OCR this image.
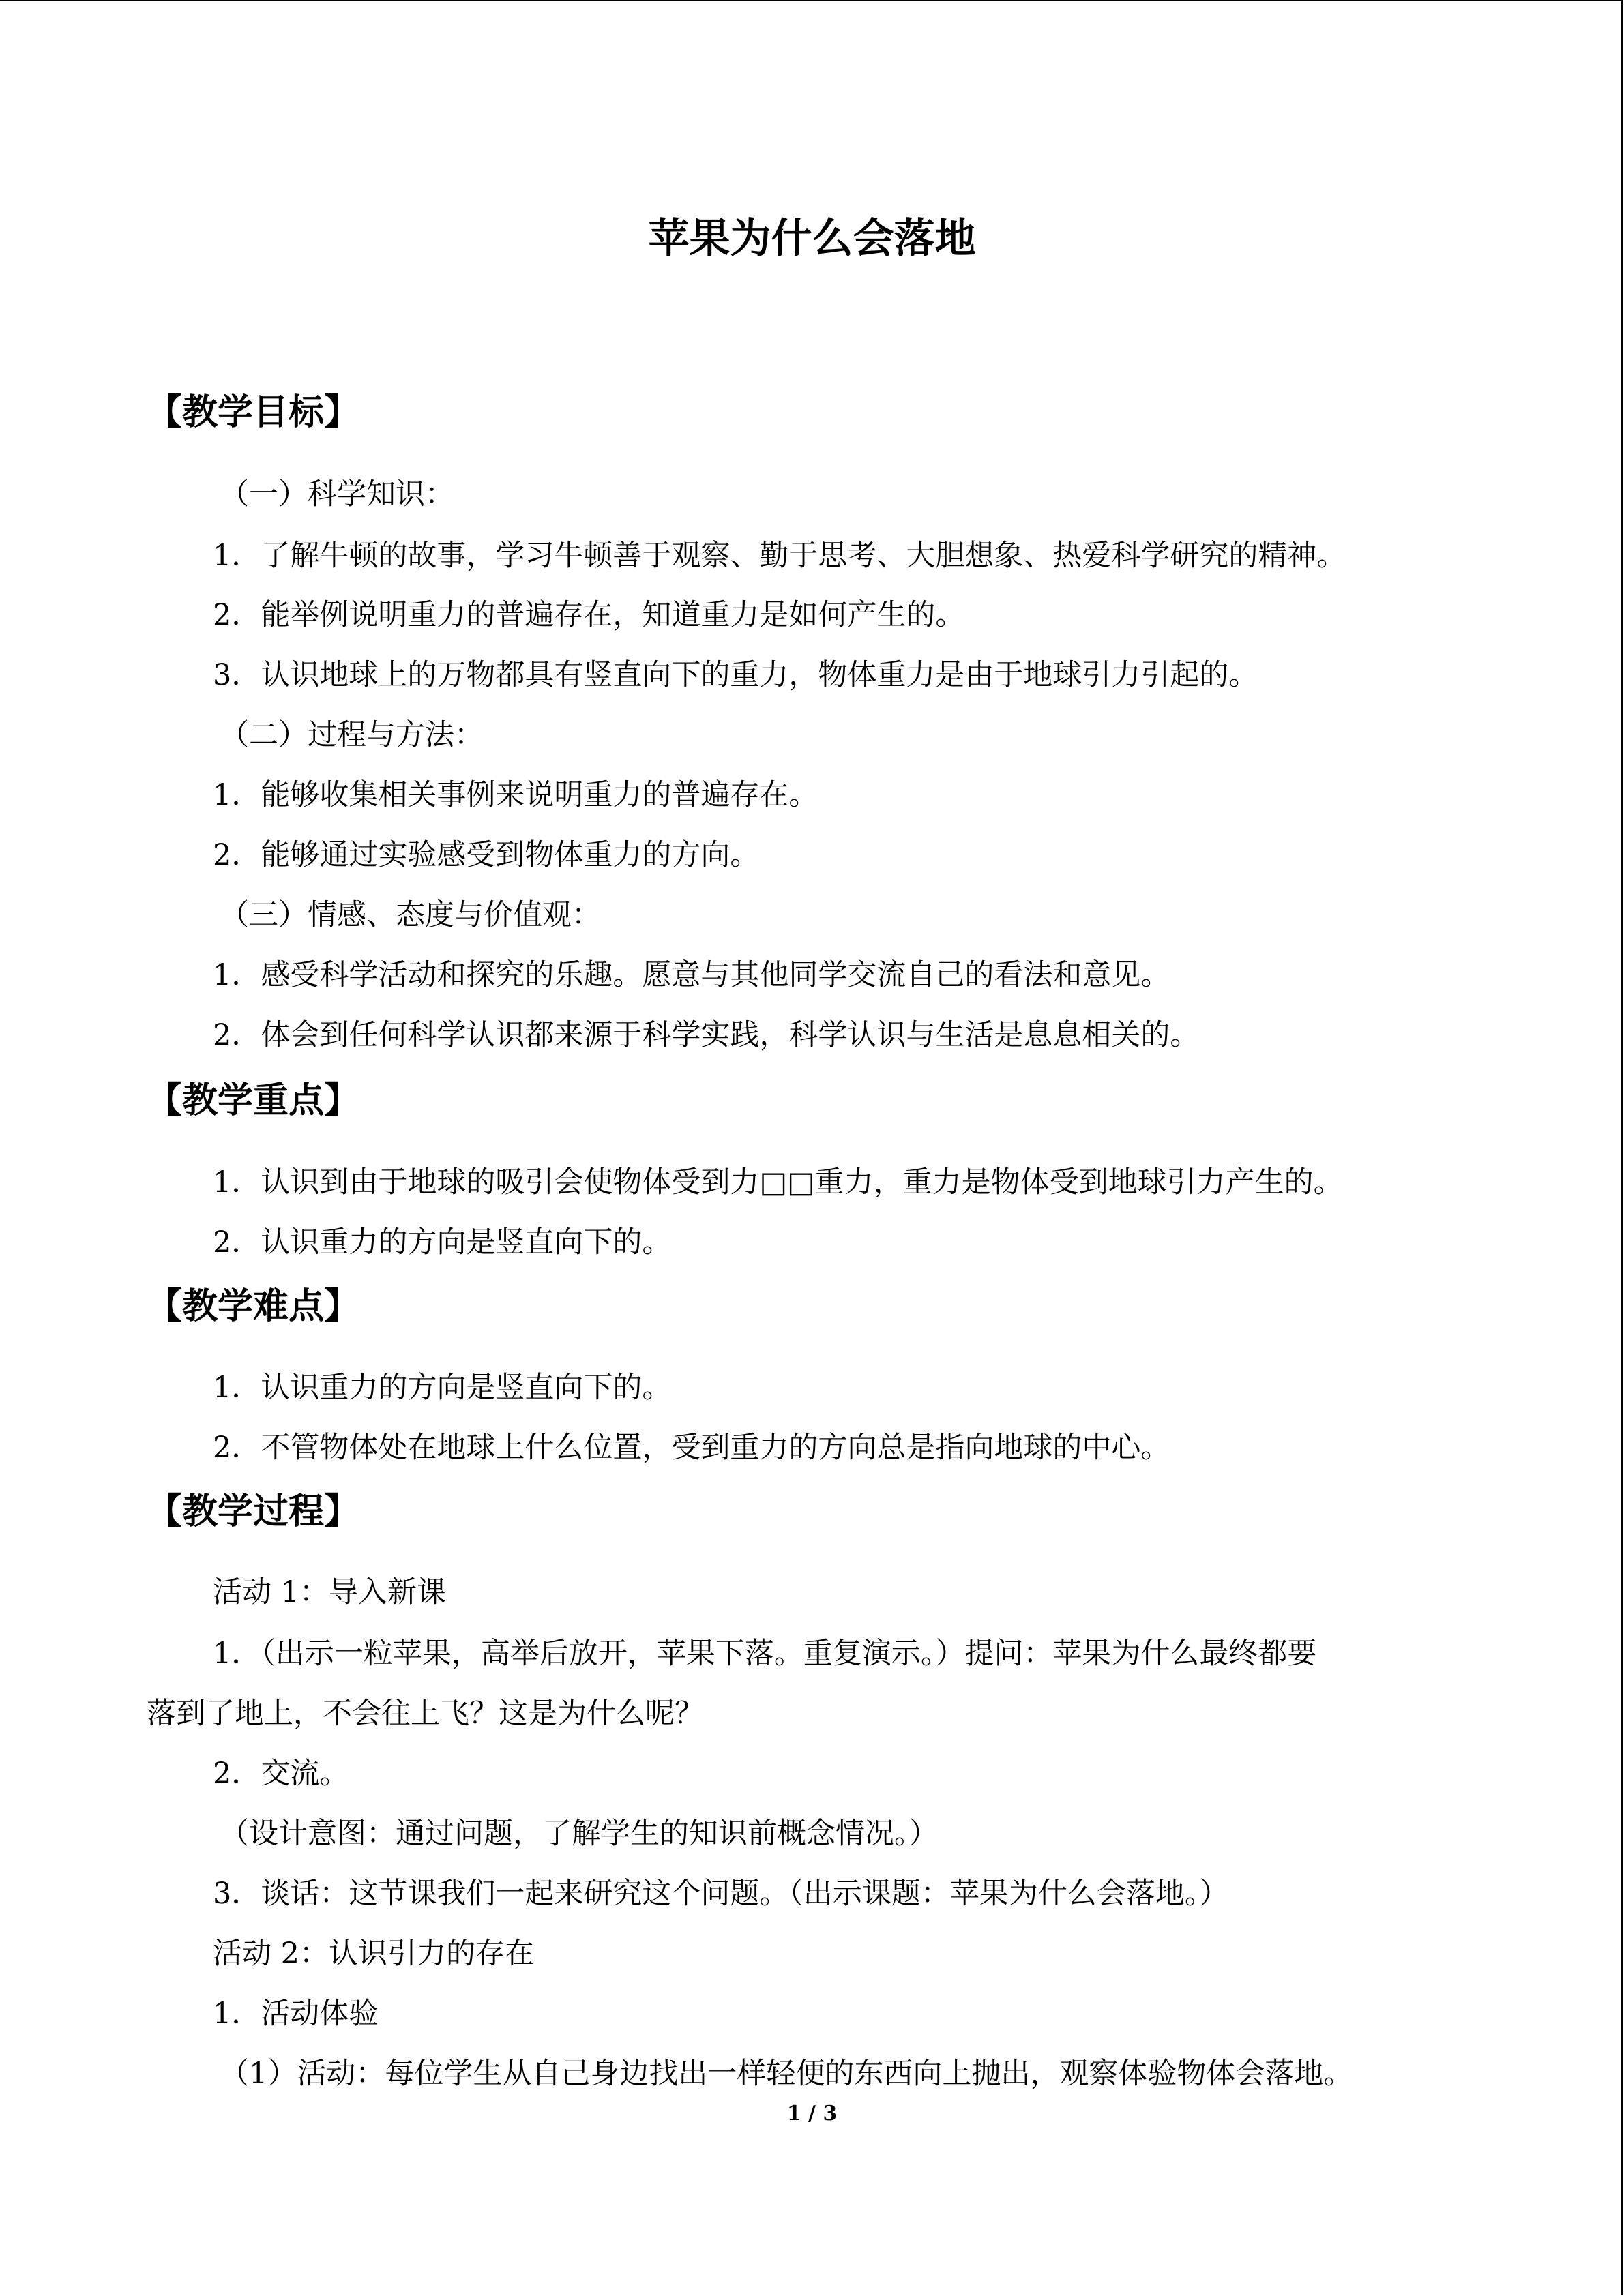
苹果为什么会落地
【教学目标】
（一）科学知识：
1．了解牛顿的故事，学习牛顿善于观察、勤于思考、大胆想象、热爱科学研究的精神。
2．能举例说明重力的普遍存在，知道重力是如何产生的。
3．认识地球上的万物都具有竖直向下的重力，物体重力是由于地球引力引起的。
（二）过程与方法：
1．能够收集相关事例来说明重力的普遍存在。
2．能够通过实验感受到物体重力的方向。
（三）情感、态度与价值观：
1．感受科学活动和探究的乐趣。愿意与其他同学交流自己的看法和意见。
2．体会到任何科学认识都来源于科学实践，科学认识与生活是息息相关的。
【教学重点】
1．认识到由于地球的吸引会使物体受到力□□重力，重力是物体受到地球引力产生的。
2．认识重力的方向是竖直向下的。
【教学难点】
1．认识重力的方向是竖直向下的。
2．不管物体处在地球上什么位置，受到重力的方向总是指向地球的中心。
【教学过程】
活动 1：导入新课
1．（出示一粒苹果，高举后放开，苹果下落。重复演示。）提问：苹果为什么最终都要
落到了地上，不会往上飞？这是为什么呢？
2．交流。
（设计意图：通过问题，了解学生的知识前概念情况。）
3．谈话：这节课我们一起来研究这个问题。（出示课题：苹果为什么会落地。）
活动 2：认识引力的存在
1．活动体验
（1）活动：每位学生从自己身边找出一样轻便的东西向上抛出，观察体验物体会落地。
1 / 3
